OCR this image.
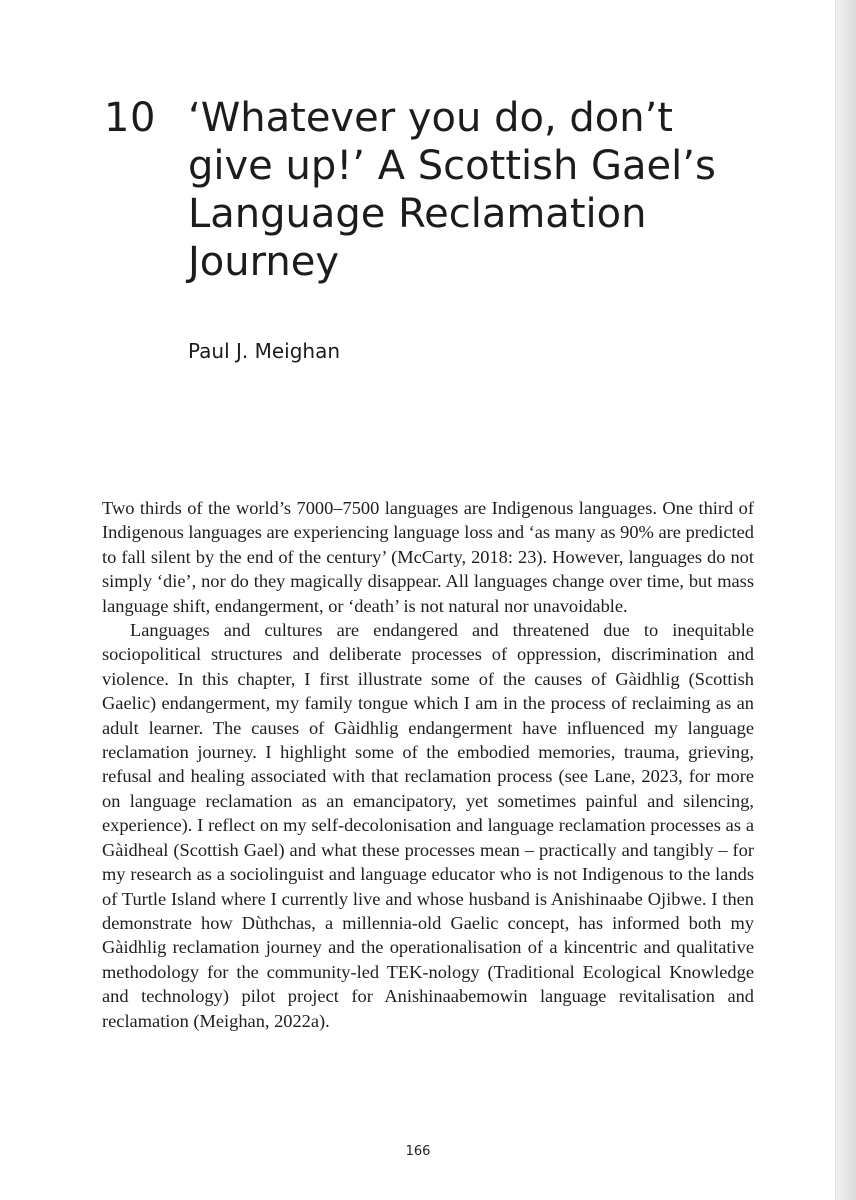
10 ‘Whatever you do, don’t give up!’ A Scottish Gael’s Language Reclamation Journey
Paul J. Meighan

Two thirds of the world’s 7000–7500 languages are Indigenous languages. One third of Indigenous languages are experiencing language loss and ‘as many as 90% are predicted to fall silent by the end of the century’ (McCarty, 2018: 23). However, languages do not simply ‘die’, nor do they magically disappear. All languages change over time, but mass language shift, endangerment, or ‘death’ is not natural nor unavoidable.

Languages and cultures are endangered and threatened due to inequitable sociopolitical structures and deliberate processes of oppression, discrimination and violence. In this chapter, I first illustrate some of the causes of Gàidhlig (Scottish Gaelic) endangerment, my family tongue which I am in the process of reclaiming as an adult learner. The causes of Gàidhlig endangerment have influenced my language reclamation journey. I highlight some of the embodied memories, trauma, grieving, refusal and healing associated with that reclamation process (see Lane, 2023, for more on language reclamation as an emancipatory, yet sometimes painful and silencing, experience). I reflect on my self-decolonisation and language reclamation processes as a Gàidheal (Scottish Gael) and what these processes mean – practically and tangibly – for my research as a sociolinguist and language educator who is not Indigenous to the lands of Turtle Island where I currently live and whose husband is Anishinaabe Ojibwe. I then demonstrate how Dùthchas, a millennia-old Gaelic concept, has informed both my Gàidhlig reclamation journey and the operationalisation of a kincentric and qualitative methodology for the community-led TEK-nology (Traditional Ecological Knowledge and technology) pilot project for Anishinaabemowin language revitalisation and reclamation (Meighan, 2022a).

166
